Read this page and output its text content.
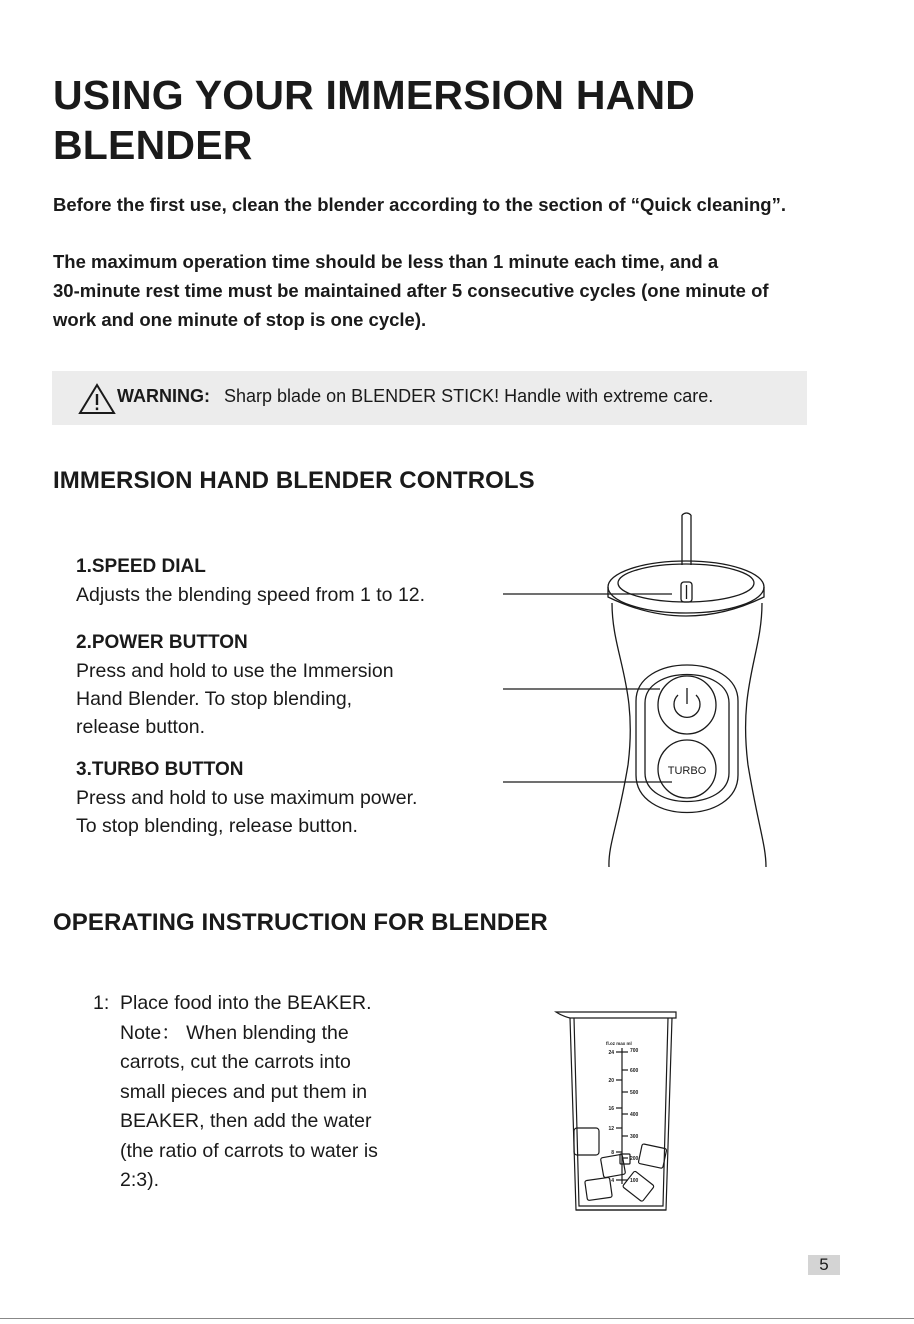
USING YOUR IMMERSION HAND
BLENDER
Before the first use, clean the blender according to the section of “Quick cleaning”.
The maximum operation time should be less than 1 minute each time, and a
30-minute rest time must be maintained after 5 consecutive cycles (one minute of
work and one minute of stop is one cycle).
WARNING: Sharp blade on BLENDER STICK! Handle with extreme care.
IMMERSION HAND BLENDER CONTROLS
1.SPEED DIAL
Adjusts the blending speed from 1 to 12.
2.POWER BUTTON
Press and hold to use the Immersion
Hand Blender. To stop blending,
release button.
3.TURBO BUTTON
Press and hold to use maximum power.
To stop blending, release button.
TURBO
OPERATING INSTRUCTION FOR BLENDER
1: Place food into the BEAKER.
Note： When blending the
carrots, cut the carrots into
small pieces and put them in
BEAKER, then add the water
(the ratio of carrots to water is
2:3).
fl.oz max ml
24
20
16
12
8
4
700
600
500
400
300
200
100
5
